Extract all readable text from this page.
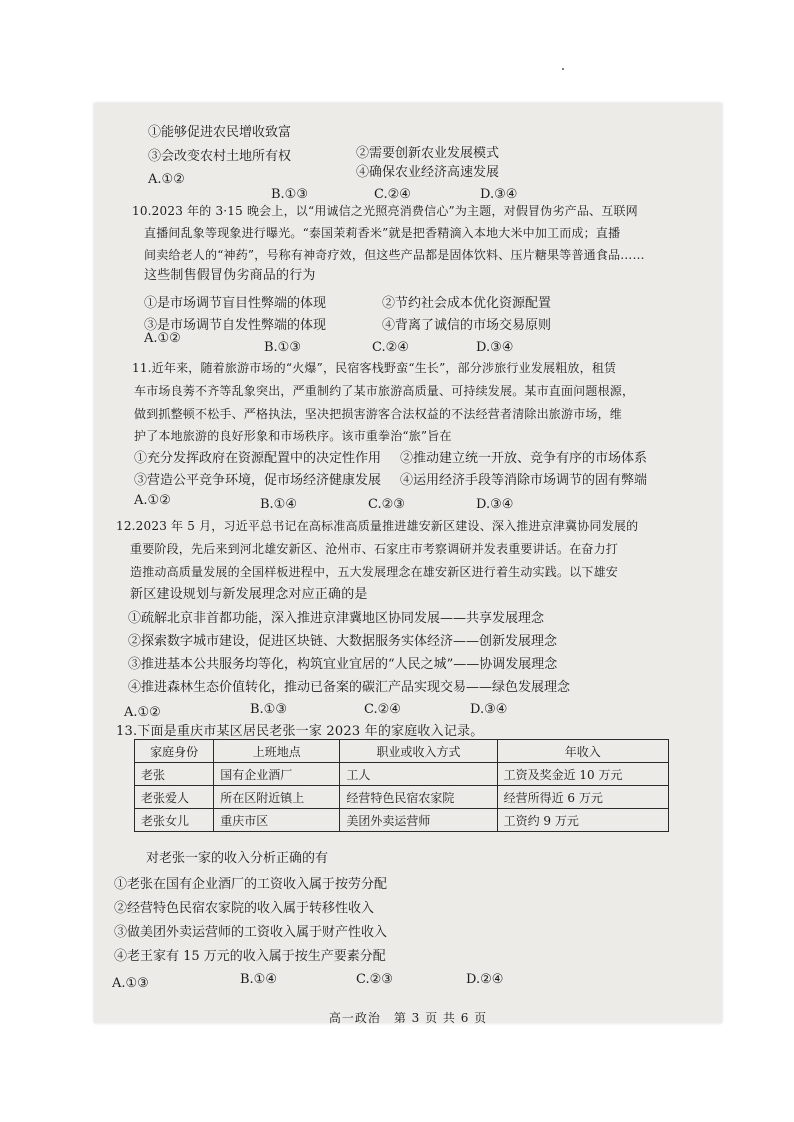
①能够促进农民增收致富
②需要创新农业发展模式
③会改变农村土地所有权
④确保农业经济高速发展
A.①②
B.①③	C.②④	D.③④
10.2023 年的 3·15 晚会上，以“用诚信之光照亮消费信心”为主题，对假冒伪劣产品、互联网
直播间乱象等现象进行曝光。“泰国茉莉香米”就是把香精滴入本地大米中加工而成；直播
间卖给老人的“神药”，号称有神奇疗效，但这些产品都是固体饮料、压片糖果等普通食品……
这些制售假冒伪劣商品的行为
①是市场调节盲目性弊端的体现	②节约社会成本优化资源配置
③是市场调节自发性弊端的体现	④背离了诚信的市场交易原则
A.①②
B.①③	C.②④	D.③④
11.近年来，随着旅游市场的“火爆”，民宿客栈野蛮“生长”，部分涉旅行业发展粗放，租赁
车市场良莠不齐等乱象突出，严重制约了某市旅游高质量、可持续发展。某市直面问题根源，
做到抓整顿不松手、严格执法，坚决把损害游客合法权益的不法经营者清除出旅游市场，维
护了本地旅游的良好形象和市场秩序。该市重拳治“旅”旨在
①充分发挥政府在资源配置中的决定性作用 ②推动建立统一开放、竞争有序的市场体系
③营造公平竞争环境，促市场经济健康发展 ④运用经济手段等消除市场调节的固有弊端
A.①②	B.①④	C.②③	D.③④
12.2023 年 5 月，习近平总书记在高标准高质量推进雄安新区建设、深入推进京津冀协同发展的
重要阶段，先后来到河北雄安新区、沧州市、石家庄市考察调研并发表重要讲话。在奋力打
造推动高质量发展的全国样板进程中，五大发展理念在雄安新区进行着生动实践。以下雄安
新区建设规划与新发展理念对应正确的是
①疏解北京非首都功能，深入推进京津冀地区协同发展——共享发展理念
②探索数字城市建设，促进区块链、大数据服务实体经济——创新发展理念
③推进基本公共服务均等化，构筑宜业宜居的“人民之城”——协调发展理念
④推进森林生态价值转化，推动已备案的碳汇产品实现交易——绿色发展理念
A.①②	B.①③	C.②④	D.③④
13.下面是重庆市某区居民老张一家 2023 年的家庭收入记录。
家庭身份	上班地点	职业或收入方式	年收入
老张	国有企业酒厂	工人	工资及奖金近 10 万元
老张爱人	所在区附近镇上	经营特色民宿农家院	经营所得近 6 万元
老张女儿	重庆市区	美团外卖运营师	工资约 9 万元
对老张一家的收入分析正确的有
①老张在国有企业酒厂的工资收入属于按劳分配
②经营特色民宿农家院的收入属于转移性收入
③做美团外卖运营师的工资收入属于财产性收入
④老王家有 15 万元的收入属于按生产要素分配
A.①③	B.①④	C.②③	D.②④
高一政治　第 3 页 共 6 页
